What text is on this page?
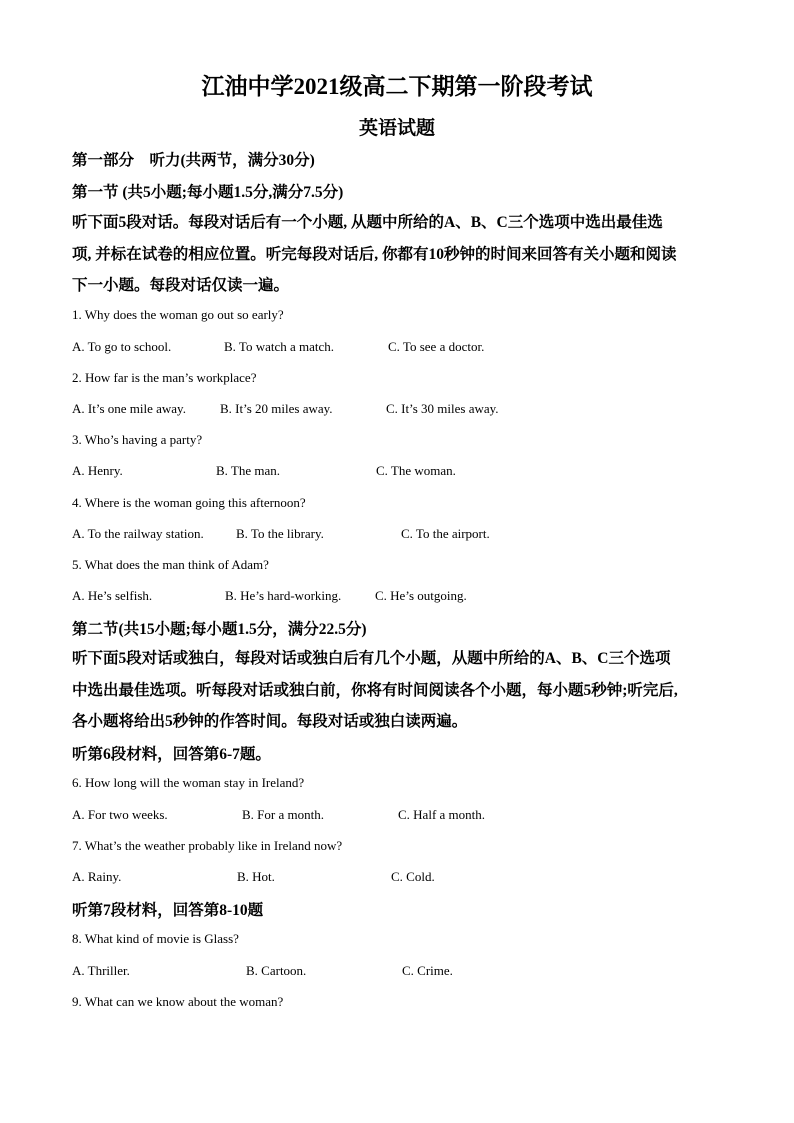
江油中学2021级高二下期第一阶段考试
英语试题

第一部分　听力(共两节，满分30分)

第一节 (共5小题;每小题1.5分,满分7.5分)

听下面5段对话。每段对话后有一个小题, 从题中所给的A、B、C三个选项中选出最佳选
项, 并标在试卷的相应位置。听完每段对话后, 你都有10秒钟的时间来回答有关小题和阅读
下一小题。每段对话仅读一遍。

1. Why does the woman go out so early?

A. To go to school.	B. To watch a match.	C. To see a doctor.

2. How far is the man’s workplace?

A. It’s one mile away.	B. It’s 20 miles away.	C. It’s 30 miles away.

3. Who’s having a party?

A. Henry.	B. The man.	C. The woman.

4. Where is the woman going this afternoon?

A. To the railway station. B. To the library.	C. To the airport.

5. What does the man think of Adam?

A. He’s selfish.	B. He’s hard-working.	C. He’s outgoing.

第二节(共15小题;每小题1.5分，满分22.5分)

听下面5段对话或独白，每段对话或独白后有几个小题，从题中所给的A、B、C三个选项
中选出最佳选项。听每段对话或独白前，你将有时间阅读各个小题，每小题5秒钟;听完后,
各小题将给出5秒钟的作答时间。每段对话或独白读两遍。

听第6段材料，回答第6-7题。

6. How long will the woman stay in Ireland?

A. For two weeks.	B. For a month.	C. Half a month.

7. What’s the weather probably like in Ireland now?

A. Rainy.	B. Hot.	C. Cold.

听第7段材料，回答第8-10题

8. What kind of movie is Glass?

A. Thriller.	B. Cartoon.	C. Crime.

9. What can we know about the woman?
